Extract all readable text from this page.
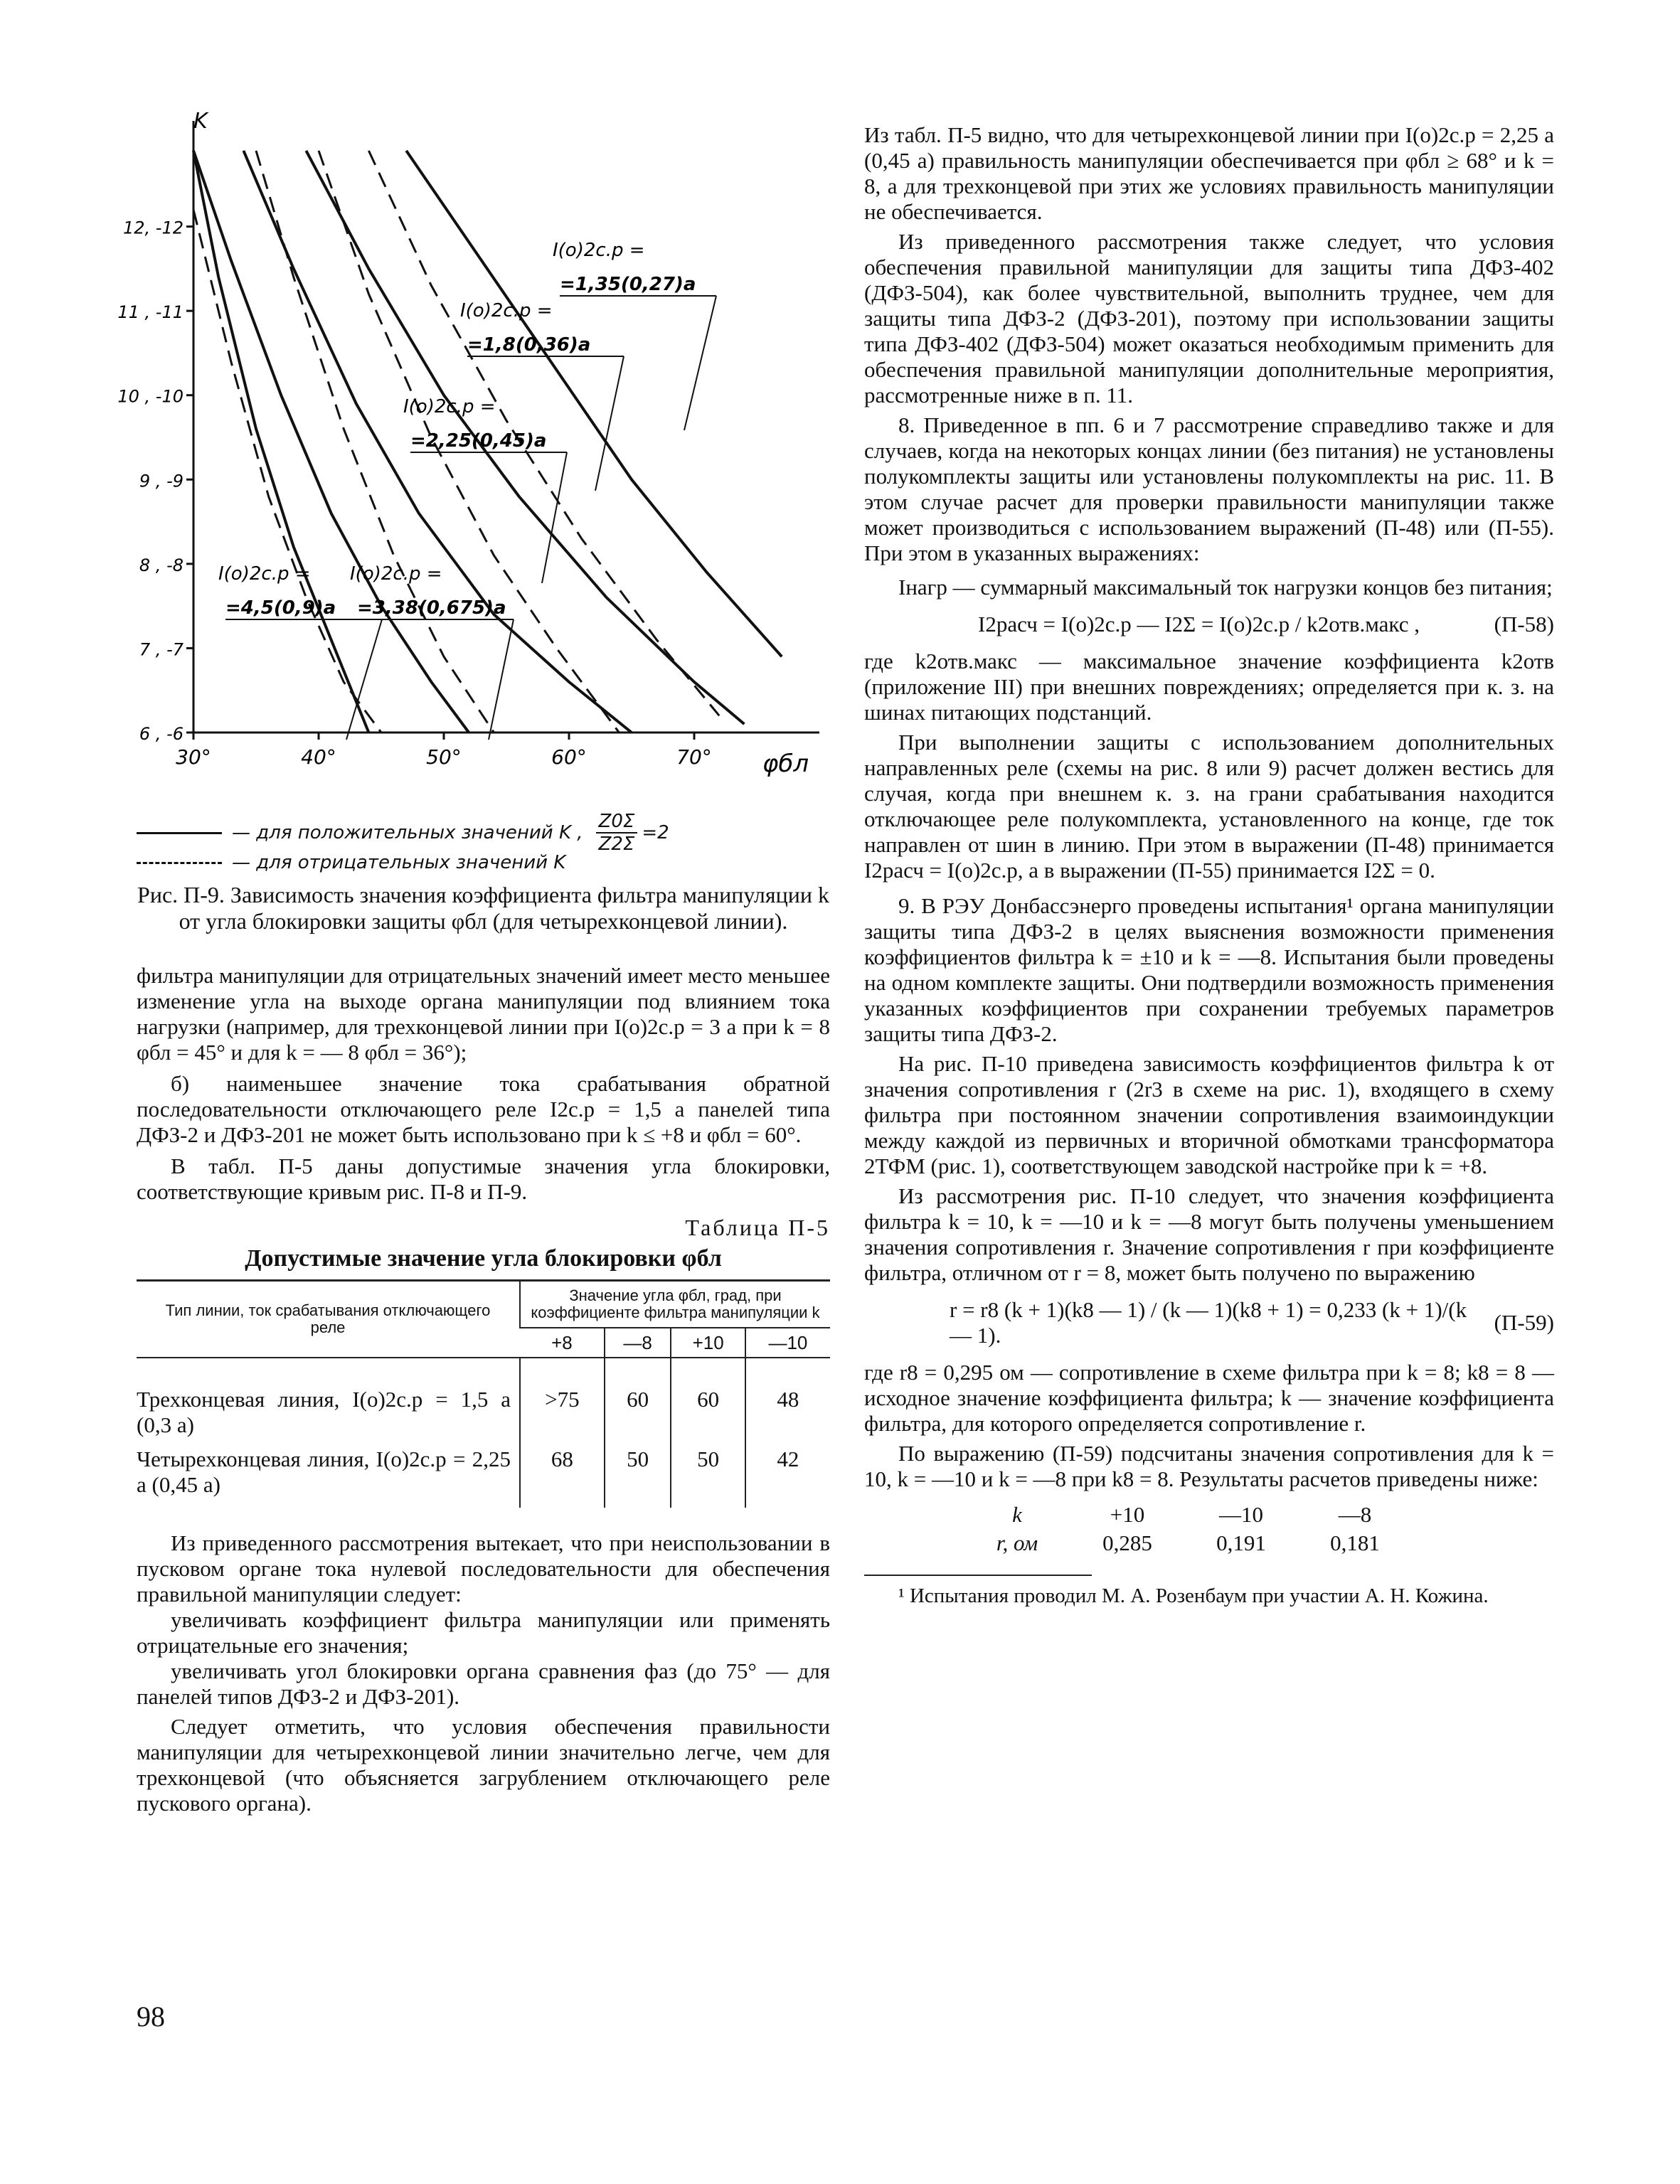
12, -12
11 , -11
10 , -10
9 , -9
8 , -8
7 , -7
6 , -6
30°	40°	50°	60°	70°
I(o)2c.p =
=1,35(0,27)a
I(o)2c.p =
=1,8(0,36)a
I(o)2c.p =
=2,25(0,45)a
I(o)2c.p =
=4,5(0,9)a
I(o)2c.p =
=3,38(0,675)a
K
φбл
— для положительных значений K , $\frac{Z0\Sigma}{Z2\Sigma} =2$
— для отрицательных значений K

Рис. П-9. Зависимость значения коэффициента фильтра манипуляции k от угла блокировки защиты φбл (для четырехконцевой линии).

фильтра манипуляции для отрицательных значений имеет место меньшее изменение угла на выходе органа манипуляции под влиянием тока нагрузки (например, для трехконцевой линии при I(о)2с.р = 3 а при k = 8 φбл = 45° и для k = — 8 φбл = 36°);

б) наименьшее значение тока срабатывания обратной последовательности отключающего реле I2с.р = 1,5 а панелей типа ДФЗ-2 и ДФЗ-201 не может быть использовано при k ≤ +8 и φбл = 60°.

В табл. П-5 даны допустимые значения угла блокировки, соответствующие кривым рис. П-8 и П-9.

Таблица П-5
Допустимые значение угла блокировки φбл
Тип линии, ток срабатывания отключающего реле	Значение угла φбл, град, при коэффициенте фильтра манипуляции k			
	+8	—8	+10	—10
Трехконцевая линия, I(о)2с.р = 1,5 а (0,3 а)	>75	60	60	48
Четырехконцевая линия, I(о)2с.р = 2,25 а (0,45 а)	68	50	50	42

Из приведенного рассмотрения вытекает, что при неиспользовании в пусковом органе тока нулевой последовательности для обеспечения правильной манипуляции следует:

увеличивать коэффициент фильтра манипуляции или применять отрицательные его значения;

увеличивать угол блокировки органа сравнения фаз (до 75° — для панелей типов ДФЗ-2 и ДФЗ-201).

Следует отметить, что условия обеспечения правильности манипуляции для четырехконцевой линии значительно легче, чем для трехконцевой (что объясняется загрублением отключающего реле пускового органа).

Из табл. П-5 видно, что для четырехконцевой линии при I(о)2с.р = 2,25 а (0,45 а) правильность манипуляции обеспечивается при φбл ≥ 68° и k = 8, а для трехконцевой при этих же условиях правильность манипуляции не обеспечивается.

Из приведенного рассмотрения также следует, что условия обеспечения правильной манипуляции для защиты типа ДФЗ-402 (ДФЗ-504), как более чувствительной, выполнить труднее, чем для защиты типа ДФЗ-2 (ДФЗ-201), поэтому при использовании защиты типа ДФЗ-402 (ДФЗ-504) может оказаться необходимым применить для обеспечения правильной манипуляции дополнительные мероприятия, рассмотренные ниже в п. 11.

8. Приведенное в пп. 6 и 7 рассмотрение справедливо также и для случаев, когда на некоторых концах линии (без питания) не установлены полукомплекты защиты или установлены полукомплекты на рис. 11. В этом случае расчет для проверки правильности манипуляции также может производиться с использованием выражений (П-48) или (П-55). При этом в указанных выражениях:

Iнагр — суммарный максимальный ток нагрузки концов без питания;

I2расч = I(о)2с.р — I2Σ = I(о)2с.р / k2отв.макс ,	(П-58)

где k2отв.макс — максимальное значение коэффициента k2отв (приложение III) при внешних повреждениях; определяется при к. з. на шинах питающих подстанций.

При выполнении защиты с использованием дополнительных направленных реле (схемы на рис. 8 или 9) расчет должен вестись для случая, когда при внешнем к. з. на грани срабатывания находится отключающее реле полукомплекта, установленного на конце, где ток направлен от шин в линию. При этом в выражении (П-48) принимается I2расч = I(о)2с.р, а в выражении (П-55) принимается I2Σ = 0.

9. В РЭУ Донбассэнерго проведены испытания¹ органа манипуляции защиты типа ДФЗ-2 в целях выяснения возможности применения коэффициентов фильтра k = ±10 и k = —8. Испытания были проведены на одном комплекте защиты. Они подтвердили возможность применения указанных коэффициентов при сохранении требуемых параметров защиты типа ДФЗ-2.

На рис. П-10 приведена зависимость коэффициентов фильтра k от значения сопротивления r (2r3 в схеме на рис. 1), входящего в схему фильтра при постоянном значении сопротивления взаимоиндукции между каждой из первичных и вторичной обмотками трансформатора 2ТФМ (рис. 1), соответствующем заводской настройке при k = +8.

Из рассмотрения рис. П-10 следует, что значения коэффициента фильтра k = 10, k = —10 и k = —8 могут быть получены уменьшением значения сопротивления r. Значение сопротивления r при коэффициенте фильтра, отличном от r = 8, может быть получено по выражению

r = r8 (k + 1)(k8 — 1) / (k — 1)(k8 + 1) = 0,233 (k + 1)/(k — 1).
(П-59)

где r8 = 0,295 ом — сопротивление в схеме фильтра при k = 8; k8 = 8 — исходное значение коэффициента фильтра; k — значение коэффициента фильтра, для которого определяется сопротивление r.

По выражению (П-59) подсчитаны значения сопротивления для k = 10, k = —10 и k = —8 при k8 = 8. Результаты расчетов приведены ниже:

k	+10	—10	—8
r, ом	0,285	0,191	0,181

¹ Испытания проводил М. А. Розенбаум при участии А. Н. Кожина.

98
